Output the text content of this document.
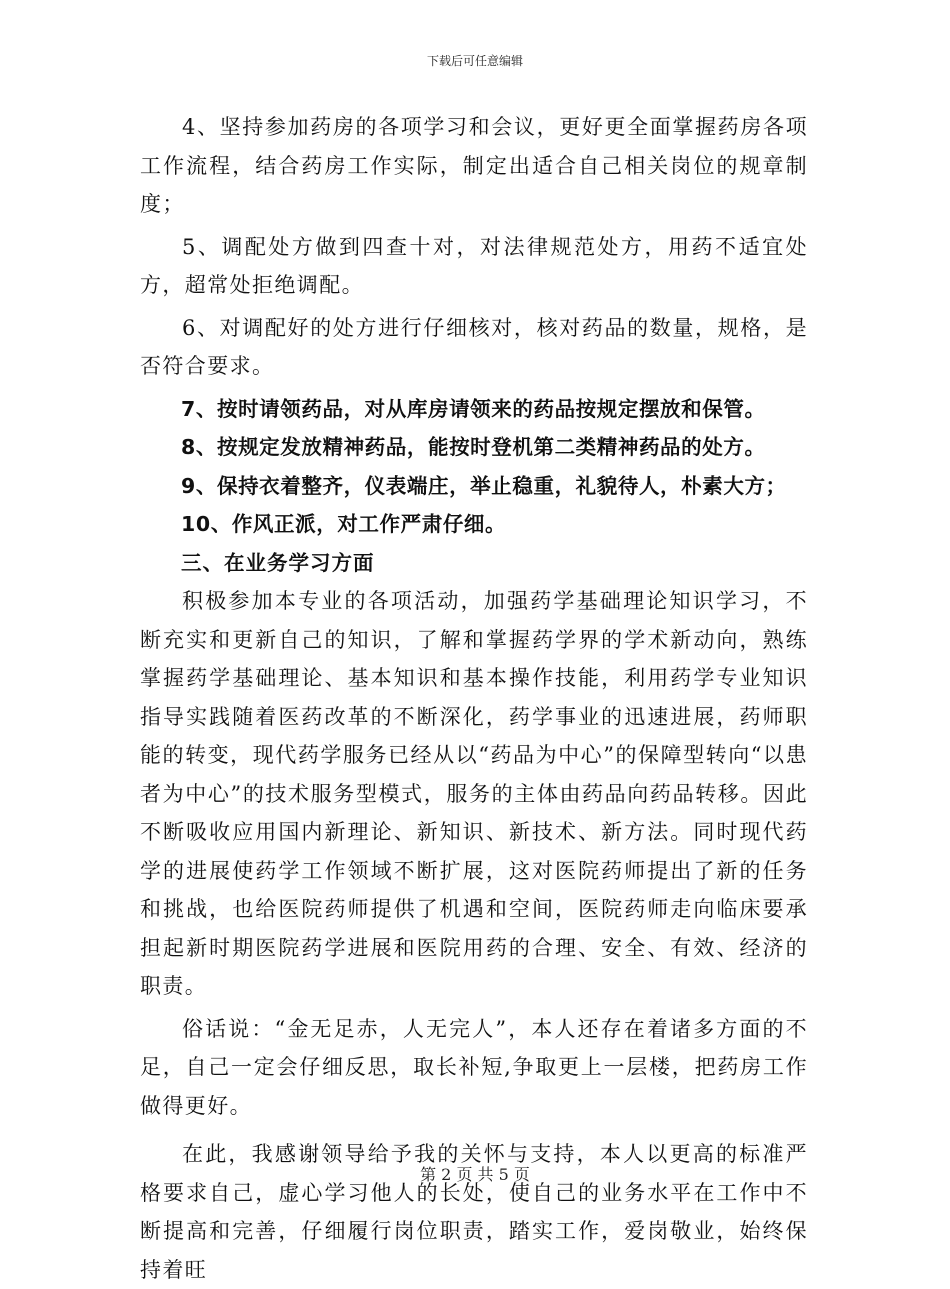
下载后可任意编辑

4、坚持参加药房的各项学习和会议，更好更全面掌握药房各项工作流程，结合药房工作实际，制定出适合自己相关岗位的规章制度；

5、调配处方做到四查十对，对法律规范处方，用药不适宜处方，超常处拒绝调配。

6、对调配好的处方进行仔细核对，核对药品的数量，规格，是否符合要求。

7、按时请领药品，对从库房请领来的药品按规定摆放和保管。

8、按规定发放精神药品，能按时登机第二类精神药品的处方。

9、保持衣着整齐，仪表端庄，举止稳重，礼貌待人，朴素大方；

10、作风正派，对工作严肃仔细。

三、在业务学习方面

积极参加本专业的各项活动，加强药学基础理论知识学习，不断充实和更新自己的知识，了解和掌握药学界的学术新动向，熟练掌握药学基础理论、基本知识和基本操作技能，利用药学专业知识指导实践随着医药改革的不断深化，药学事业的迅速进展，药师职能的转变，现代药学服务已经从以“药品为中心”的保障型转向“以患者为中心”的技术服务型模式，服务的主体由药品向药品转移。因此不断吸收应用国内新理论、新知识、新技术、新方法。同时现代药学的进展使药学工作领域不断扩展，这对医院药师提出了新的任务和挑战，也给医院药师提供了机遇和空间，医院药师走向临床要承担起新时期医院药学进展和医院用药的合理、安全、有效、经济的职责。

俗话说：“金无足赤，人无完人”，本人还存在着诸多方面的不足，自己一定会仔细反思，取长补短,争取更上一层楼，把药房工作做得更好。

在此，我感谢领导给予我的关怀与支持，本人以更高的标准严格要求自己，虚心学习他人的长处，使自己的业务水平在工作中不断提高和完善，仔细履行岗位职责，踏实工作，爱岗敬业，始终保持着旺

第 2 页 共 5 页
